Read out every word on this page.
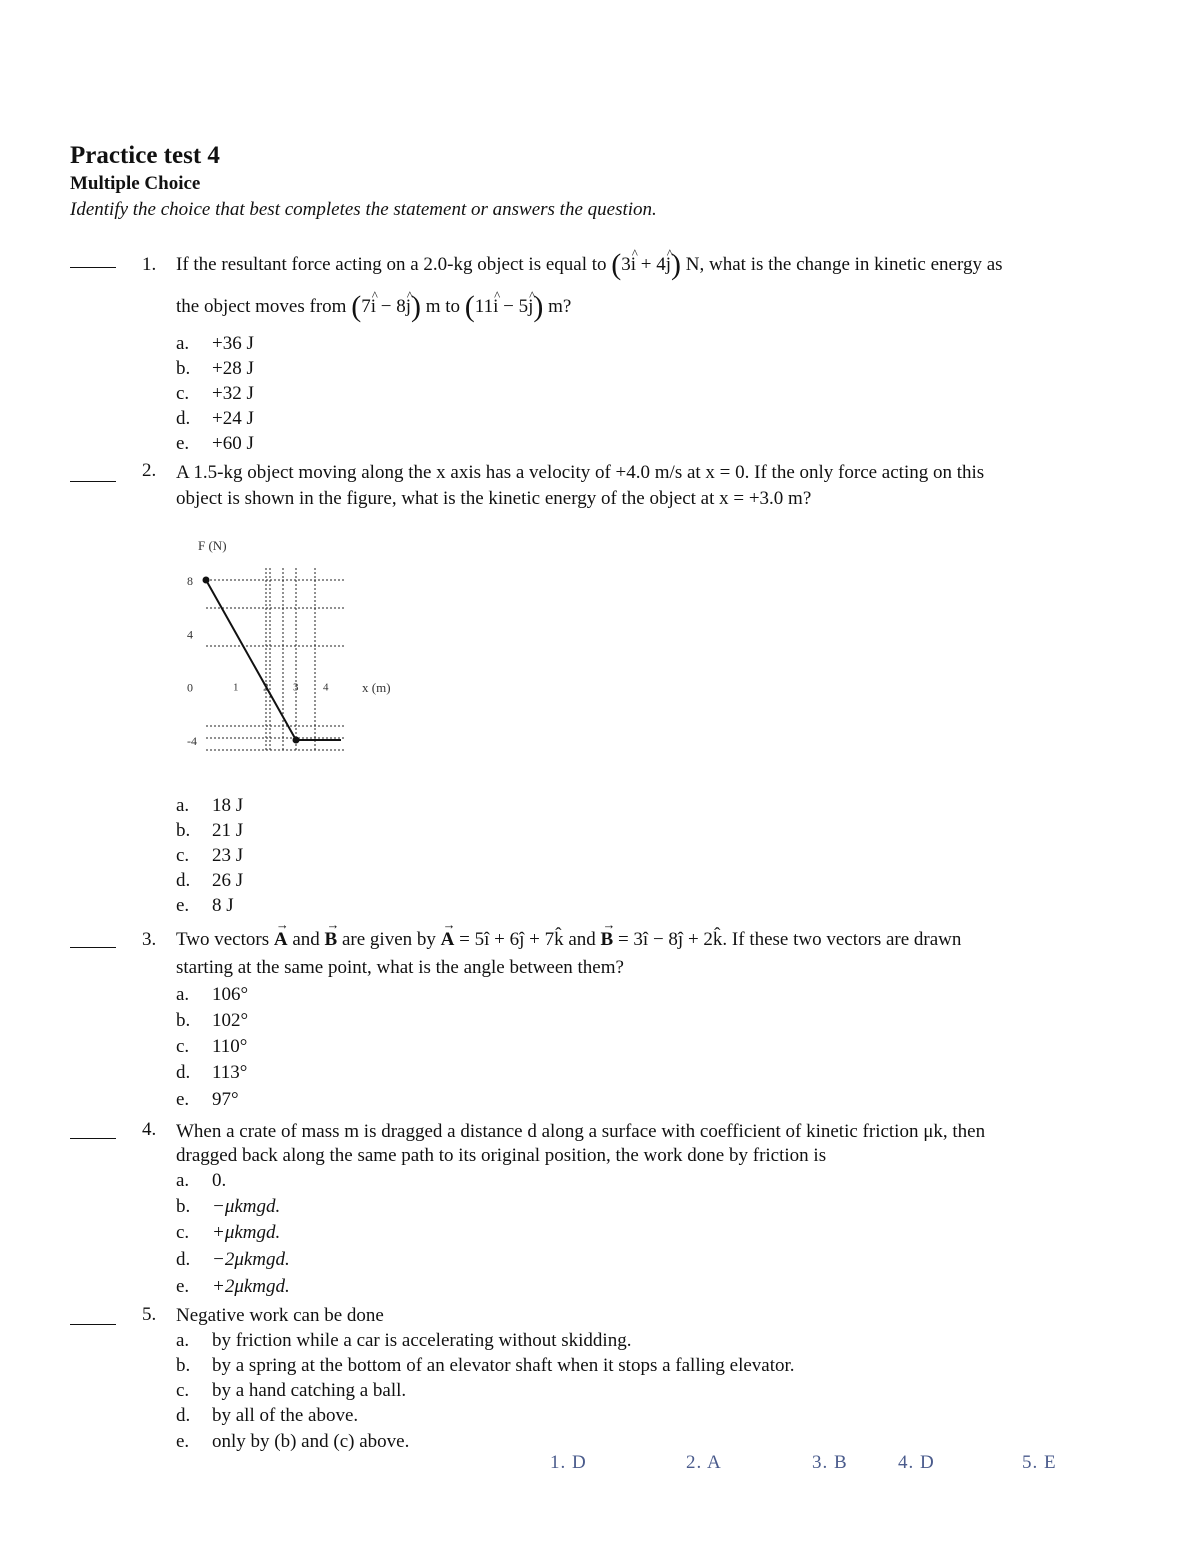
Practice test 4
Multiple Choice
Identify the choice that best completes the statement or answers the question.
1. If the resultant force acting on a 2.0-kg object is equal to (3^ i + 4^ j) N, what is the change in kinetic energy as
the object moves from (7^ i − 8^ j) m to (11^ i − 5^ j) m?
a. +36 J
b. +28 J
c. +32 J
d. +24 J
e. +60 J
2. A 1.5-kg object moving along the x axis has a velocity of +4.0 m/s at x = 0. If the only force acting on this
object is shown in the figure, what is the kinetic energy of the object at x = +3.0 m?
F (N)
x (m)
8
4
0
-4
1 2 3 4
a. 18 J
b. 21 J
c. 23 J
d. 26 J
e. 8 J
3. Two vectors → A and → B are given by → A = 5î + 6ĵ + 7k̂ and → B = 3î − 8ĵ + 2k̂. If these two vectors are drawn
starting at the same point, what is the angle between them?
a. 106°
b. 102°
c. 110°
d. 113°
e. 97°
4. When a crate of mass m is dragged a distance d along a surface with coefficient of kinetic friction μk, then
dragged back along the same path to its original position, the work done by friction is
a. 0.
b. −μkmgd.
c. +μkmgd.
d. −2μkmgd.
e. +2μkmgd.
5. Negative work can be done
a. by friction while a car is accelerating without skidding.
b. by a spring at the bottom of an elevator shaft when it stops a falling elevator.
c. by a hand catching a ball.
d. by all of the above.
e. only by (b) and (c) above.
1. D	2. A	3. B	4. D	5. E
